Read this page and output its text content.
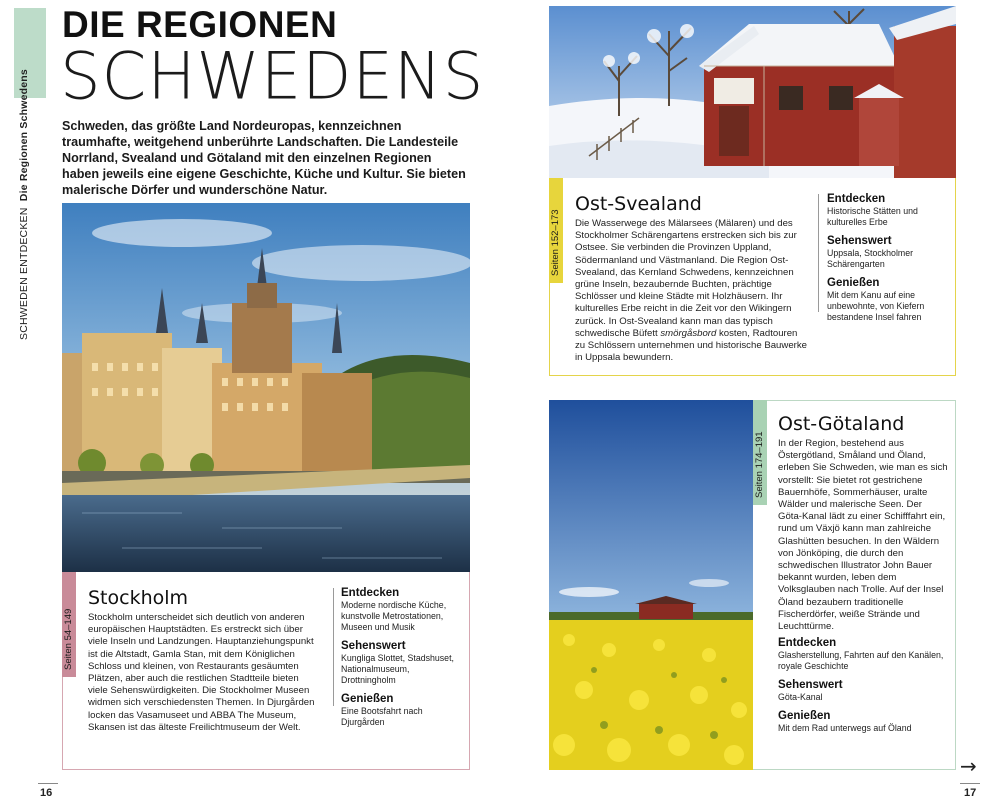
SCHWEDEN ENTDECKEN  Die Regionen Schwedens
DIE REGIONEN
SCHWEDENS

Schweden, das größte Land Nordeuropas, kennzeichnen traumhafte, weitgehend unberührte Landschaften. Die Landesteile Norrland, Svealand und Götaland mit den einzelnen Regionen haben jeweils eine eigene Geschichte, Küche und Kultur. Sie bieten malerische Dörfer und wunderschöne Natur.

Seiten 54–149
Stockholm

Stockholm unterscheidet sich deutlich von anderen europäischen Hauptstädten. Es erstreckt sich über viele Inseln und Landzungen. Hauptanziehungspunkt ist die Altstadt, Gamla Stan, mit dem Königlichen Schloss und kleinen, von Restaurants gesäumten Plätzen, aber auch die restlichen Stadtteile bieten viele Sehenswürdigkeiten. Die Stockholmer Museen widmen sich verschiedensten Themen. In Djurgården locken das Vasamuseet und ABBA The Museum, Skansen ist das älteste Freilichtmuseum der Welt.

Entdecken
Moderne nordische Küche, kunstvolle Metrostationen, Museen und Musik
Sehenswert
Kungliga Slottet, Stadshuset, Nationalmuseum, Drottningholm
Genießen
Eine Bootsfahrt nach Djurgården
16
Seiten 152–173
Ost-Svealand

Die Wasserwege des Mälarsees (Mälaren) und des Stockholmer Schärengartens erstrecken sich bis zur Ostsee. Sie verbinden die Provinzen Uppland, Södermanland und Västmanland. Die Region Ost-Svealand, das Kernland Schwedens, kennzeichnen grüne Inseln, bezaubernde Buchten, prächtige Schlösser und kleine Städte mit Holzhäusern. Ihr kulturelles Erbe reicht in die Zeit vor den Wikingern zurück. In Ost-Svealand kann man das typisch schwedische Büfett smörgåsbord kosten, Radtouren zu Schlössern unternehmen und historische Bauwerke in Uppsala bewundern.

Entdecken
Historische Stätten und kulturelles Erbe
Sehenswert
Uppsala, Stockholmer Schärengarten
Genießen
Mit dem Kanu auf eine unbewohnte, von Kiefern bestandene Insel fahren
Seiten 174–191
Ost-Götaland

In der Region, bestehend aus Östergötland, Småland und Öland, erleben Sie Schweden, wie man es sich vorstellt: Sie bietet rot gestrichene Bauernhöfe, Sommerhäuser, uralte Wälder und malerische Seen. Der Göta-Kanal lädt zu einer Schifffahrt ein, rund um Växjö kann man zahlreiche Glashütten besuchen. In den Wäldern von Jönköping, die durch den schwedischen Illustrator John Bauer bekannt wurden, leben dem Volksglauben nach Trolle. Auf der Insel Öland bezaubern traditionelle Fischerdörfer, weiße Strände und Leuchttürme.

Entdecken
Glasherstellung, Fahrten auf den Kanälen, royale Geschichte
Sehenswert
Göta-Kanal
Genießen
Mit dem Rad unterwegs auf Öland
→
17
